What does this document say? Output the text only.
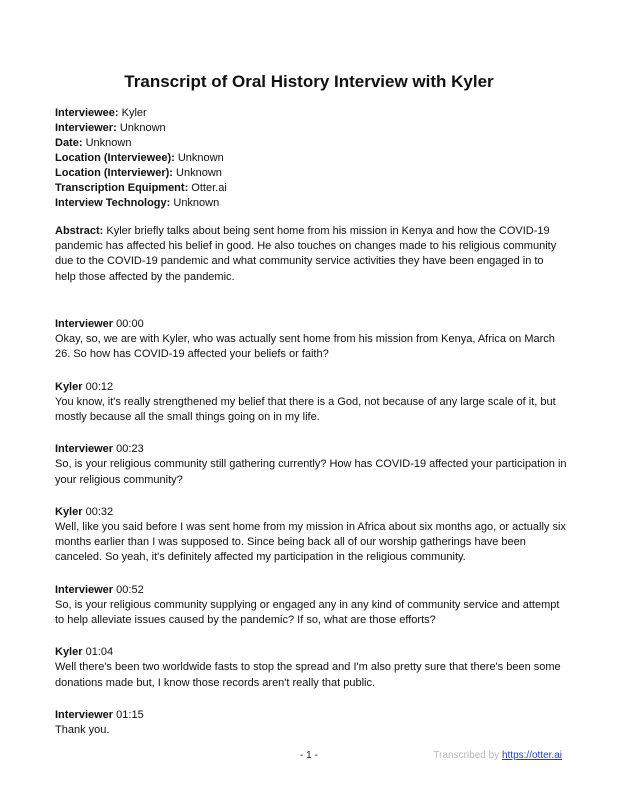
Transcript of Oral History Interview with Kyler
Interviewee: Kyler
Interviewer: Unknown
Date: Unknown
Location (Interviewee): Unknown
Location (Interviewer): Unknown
Transcription Equipment: Otter.ai
Interview Technology: Unknown
Abstract: Kyler briefly talks about being sent home from his mission in Kenya and how the COVID-19 pandemic has affected his belief in good. He also touches on changes made to his religious community due to the COVID-19 pandemic and what community service activities they have been engaged in to help those affected by the pandemic.
Interviewer 00:00
Okay, so, we are with Kyler, who was actually sent home from his mission from Kenya, Africa on March 26. So how has COVID-19 affected your beliefs or faith?
Kyler 00:12
You know, it's really strengthened my belief that there is a God, not because of any large scale of it, but mostly because all the small things going on in my life.
Interviewer 00:23
So, is your religious community still gathering currently? How has COVID-19 affected your participation in your religious community?
Kyler 00:32
Well, like you said before I was sent home from my mission in Africa about six months ago, or actually six months earlier than I was supposed to. Since being back all of our worship gatherings have been canceled. So yeah, it's definitely affected my participation in the religious community.
Interviewer 00:52
So, is your religious community supplying or engaged any in any kind of community service and attempt to help alleviate issues caused by the pandemic? If so, what are those efforts?
Kyler 01:04
Well there's been two worldwide fasts to stop the spread and I'm also pretty sure that there's been some donations made but, I know those records aren't really that public.
Interviewer 01:15
Thank you.
- 1 -	Transcribed by https://otter.ai
